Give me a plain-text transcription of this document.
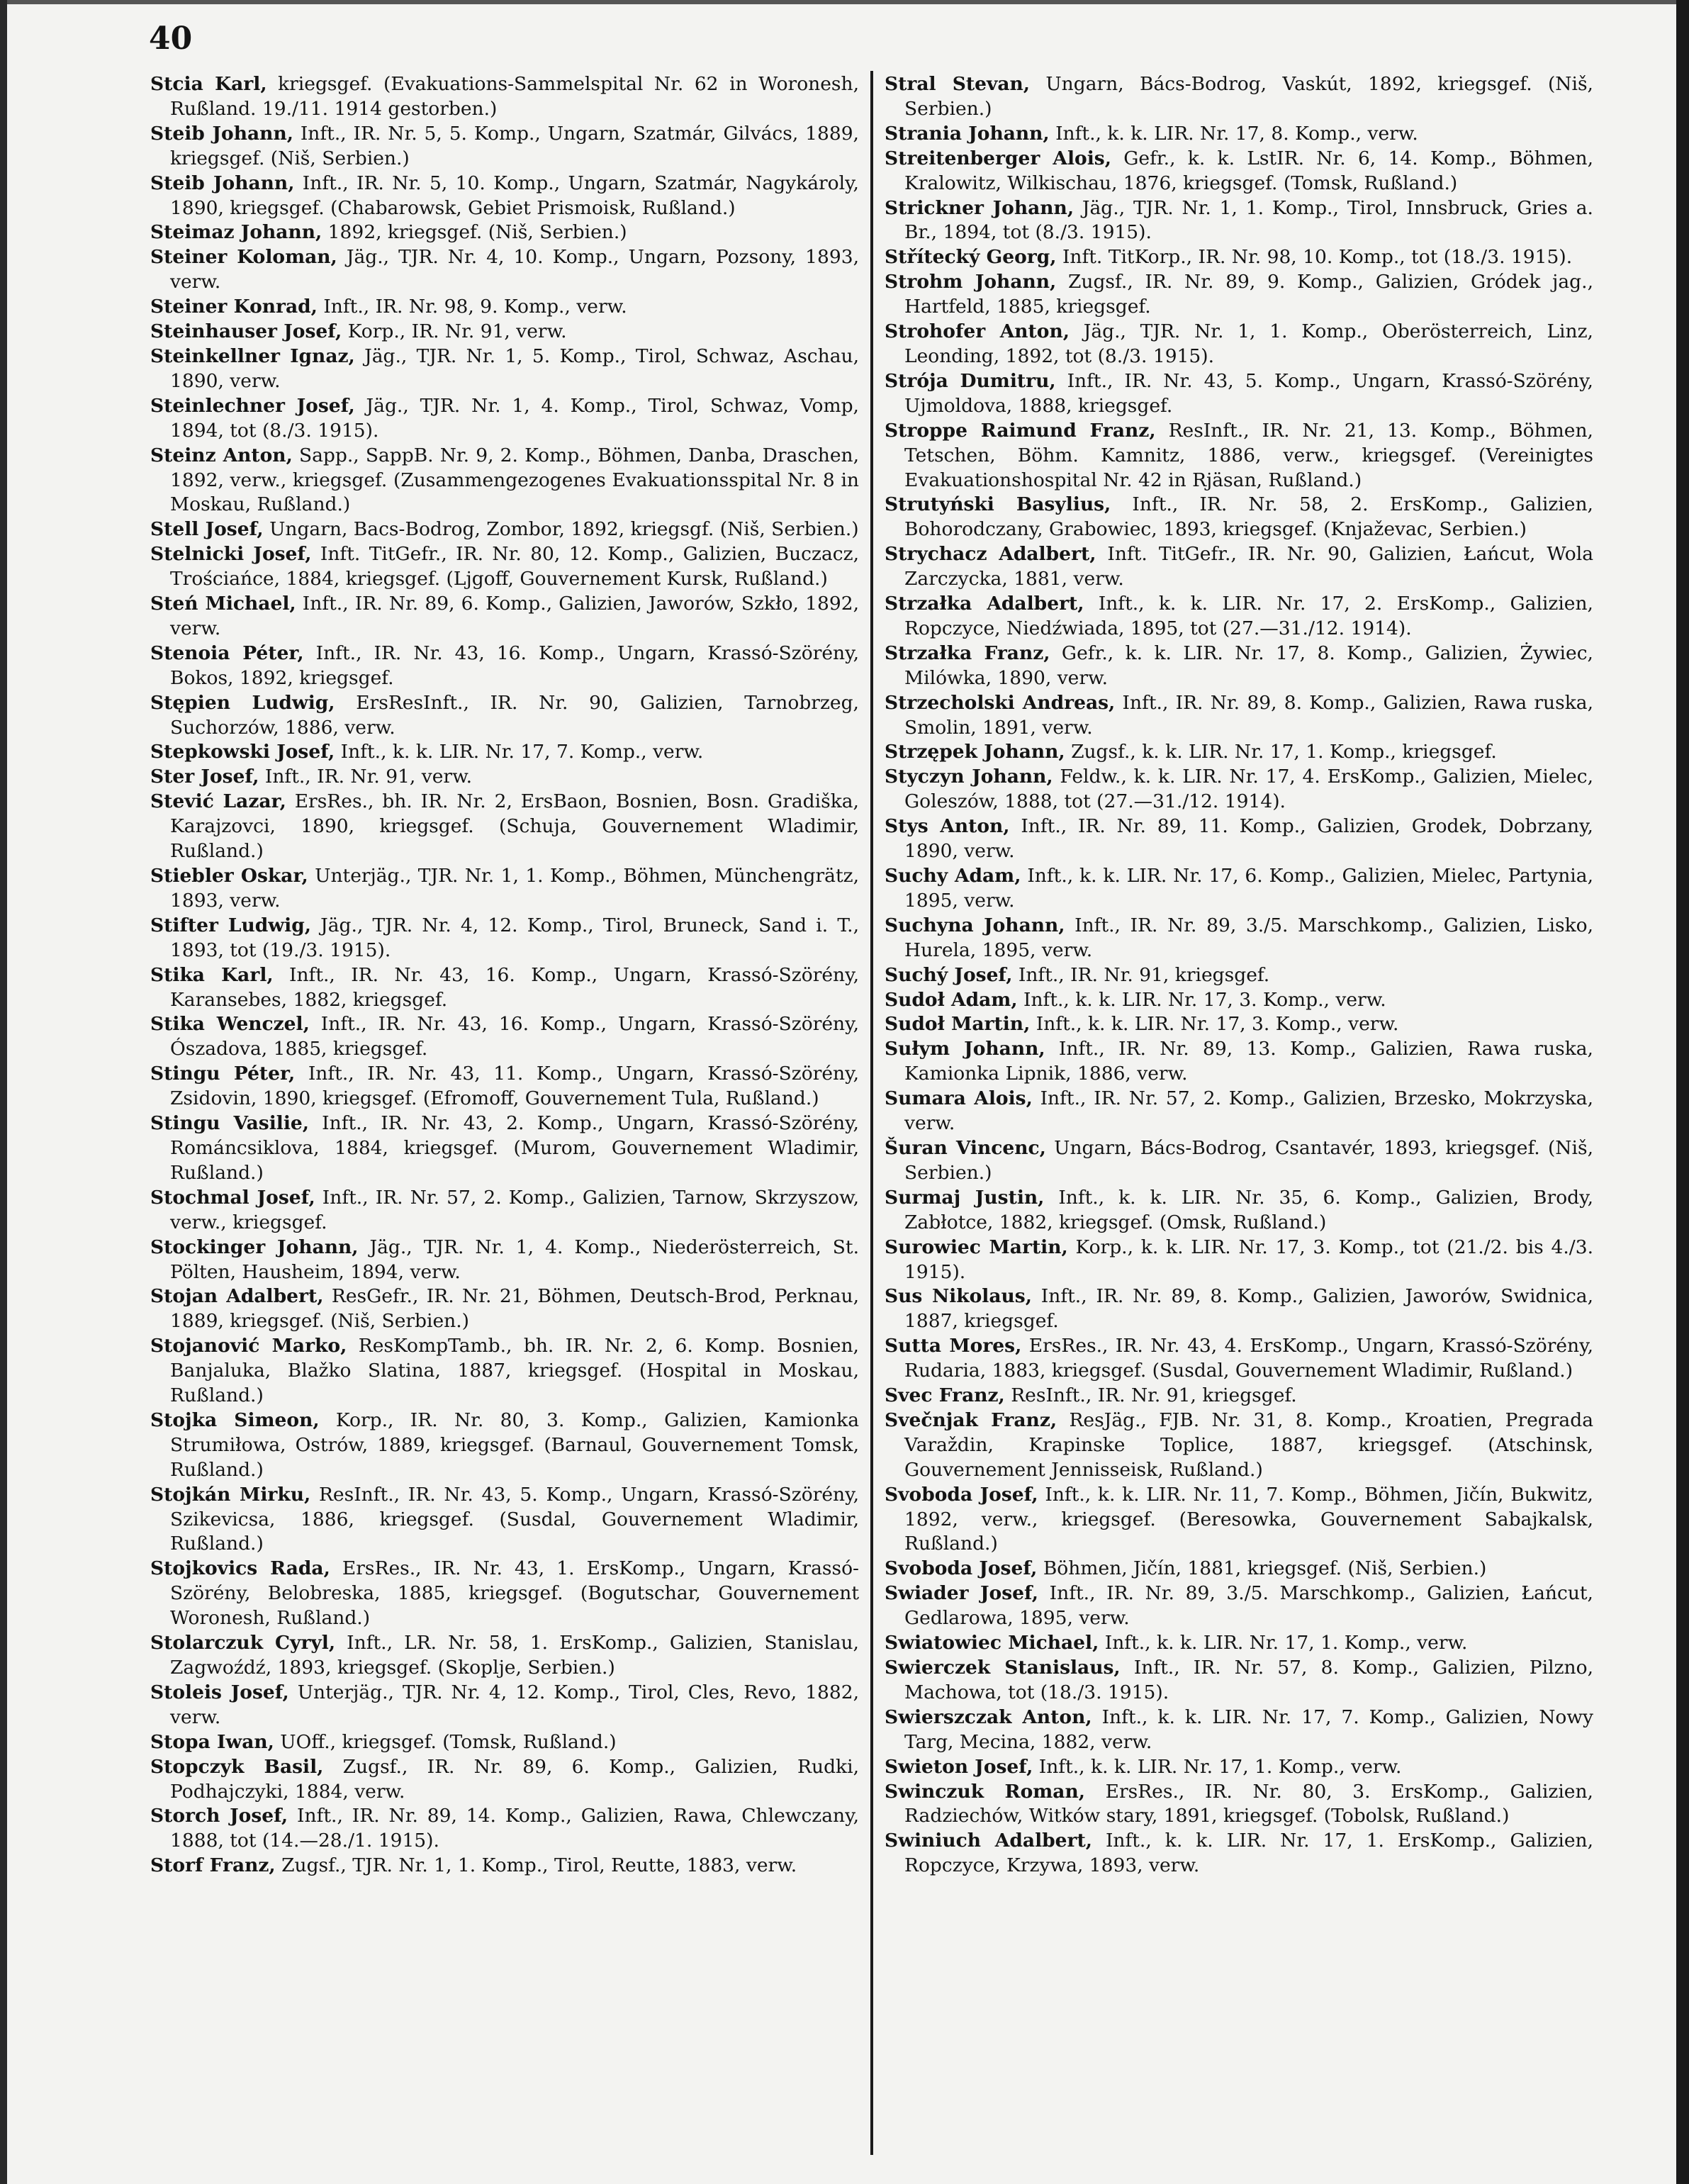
40

Stcia Karl, kriegsgef. (Evakuations-Sammelspital Nr. 62 in Woronesh, Rußland. 19./11. 1914 gestorben.)

Steib Johann, Inft., IR. Nr. 5, 5. Komp., Ungarn, Szatmár, Gilvács, 1889, kriegsgef. (Niš, Serbien.)

Steib Johann, Inft., IR. Nr. 5, 10. Komp., Ungarn, Szatmár, Nagykároly, 1890, kriegsgef. (Chabarowsk, Gebiet Prismoisk, Rußland.)

Steimaz Johann, 1892, kriegsgef. (Niš, Serbien.)

Steiner Koloman, Jäg., TJR. Nr. 4, 10. Komp., Ungarn, Pozsony, 1893, verw.

Steiner Konrad, Inft., IR. Nr. 98, 9. Komp., verw.

Steinhauser Josef, Korp., IR. Nr. 91, verw.

Steinkellner Ignaz, Jäg., TJR. Nr. 1, 5. Komp., Tirol, Schwaz, Aschau, 1890, verw.

Steinlechner Josef, Jäg., TJR. Nr. 1, 4. Komp., Tirol, Schwaz, Vomp, 1894, tot (8./3. 1915).

Steinz Anton, Sapp., SappB. Nr. 9, 2. Komp., Böhmen, Danba, Draschen, 1892, verw., kriegsgef. (Zusammengezogenes Evakuationsspital Nr. 8 in Moskau, Rußland.)

Stell Josef, Ungarn, Bacs-Bodrog, Zombor, 1892, kriegsgf. (Niš, Serbien.)

Stelnicki Josef, Inft. TitGefr., IR. Nr. 80, 12. Komp., Galizien, Buczacz, Trościańce, 1884, kriegsgef. (Ljgoff, Gouvernement Kursk, Rußland.)

Steń Michael, Inft., IR. Nr. 89, 6. Komp., Galizien, Jaworów, Szkło, 1892, verw.

Stenoia Péter, Inft., IR. Nr. 43, 16. Komp., Ungarn, Krassó-Szörény, Bokos, 1892, kriegsgef.

Stępien Ludwig, ErsResInft., IR. Nr. 90, Galizien, Tarnobrzeg, Suchorzów, 1886, verw.

Stepkowski Josef, Inft., k. k. LIR. Nr. 17, 7. Komp., verw.

Ster Josef, Inft., IR. Nr. 91, verw.

Stević Lazar, ErsRes., bh. IR. Nr. 2, ErsBaon, Bosnien, Bosn. Gradiška, Karajzovci, 1890, kriegsgef. (Schuja, Gouvernement Wladimir, Rußland.)

Stiebler Oskar, Unterjäg., TJR. Nr. 1, 1. Komp., Böhmen, Münchengrätz, 1893, verw.

Stifter Ludwig, Jäg., TJR. Nr. 4, 12. Komp., Tirol, Bruneck, Sand i. T., 1893, tot (19./3. 1915).

Stika Karl, Inft., IR. Nr. 43, 16. Komp., Ungarn, Krassó-Szörény, Karansebes, 1882, kriegsgef.

Stika Wenczel, Inft., IR. Nr. 43, 16. Komp., Ungarn, Krassó-Szörény, Ószadova, 1885, kriegsgef.

Stingu Péter, Inft., IR. Nr. 43, 11. Komp., Ungarn, Krassó-Szörény, Zsidovin, 1890, kriegsgef. (Efromoff, Gouvernement Tula, Rußland.)

Stingu Vasilie, Inft., IR. Nr. 43, 2. Komp., Ungarn, Krassó-Szörény, Románcsiklova, 1884, kriegsgef. (Murom, Gouvernement Wladimir, Rußland.)

Stochmal Josef, Inft., IR. Nr. 57, 2. Komp., Galizien, Tarnow, Skrzyszow, verw., kriegsgef.

Stockinger Johann, Jäg., TJR. Nr. 1, 4. Komp., Niederösterreich, St. Pölten, Hausheim, 1894, verw.

Stojan Adalbert, ResGefr., IR. Nr. 21, Böhmen, Deutsch-Brod, Perknau, 1889, kriegsgef. (Niš, Serbien.)

Stojanović Marko, ResKompTamb., bh. IR. Nr. 2, 6. Komp. Bosnien, Banjaluka, Blažko Slatina, 1887, kriegsgef. (Hospital in Moskau, Rußland.)

Stojka Simeon, Korp., IR. Nr. 80, 3. Komp., Galizien, Kamionka Strumiłowa, Ostrów, 1889, kriegsgef. (Barnaul, Gouvernement Tomsk, Rußland.)

Stojkán Mirku, ResInft., IR. Nr. 43, 5. Komp., Ungarn, Krassó-Szörény, Szikevicsa, 1886, kriegsgef. (Susdal, Gouvernement Wladimir, Rußland.)

Stojkovics Rada, ErsRes., IR. Nr. 43, 1. ErsKomp., Ungarn, Krassó-Szörény, Belobreska, 1885, kriegsgef. (Bogutschar, Gouvernement Woronesh, Rußland.)

Stolarczuk Cyryl, Inft., LR. Nr. 58, 1. ErsKomp., Galizien, Stanislau, Zagwoźdź, 1893, kriegsgef. (Skoplje, Serbien.)

Stoleis Josef, Unterjäg., TJR. Nr. 4, 12. Komp., Tirol, Cles, Revo, 1882, verw.

Stopa Iwan, UOff., kriegsgef. (Tomsk, Rußland.)

Stopczyk Basil, Zugsf., IR. Nr. 89, 6. Komp., Galizien, Rudki, Podhajczyki, 1884, verw.

Storch Josef, Inft., IR. Nr. 89, 14. Komp., Galizien, Rawa, Chlewczany, 1888, tot (14.—28./1. 1915).

Storf Franz, Zugsf., TJR. Nr. 1, 1. Komp., Tirol, Reutte, 1883, verw.

Stral Stevan, Ungarn, Bács-Bodrog, Vaskút, 1892, kriegsgef. (Niš, Serbien.)

Strania Johann, Inft., k. k. LIR. Nr. 17, 8. Komp., verw.

Streitenberger Alois, Gefr., k. k. LstIR. Nr. 6, 14. Komp., Böhmen, Kralowitz, Wilkischau, 1876, kriegsgef. (Tomsk, Rußland.)

Strickner Johann, Jäg., TJR. Nr. 1, 1. Komp., Tirol, Innsbruck, Gries a. Br., 1894, tot (8./3. 1915).

Střítecký Georg, Inft. TitKorp., IR. Nr. 98, 10. Komp., tot (18./3. 1915).

Strohm Johann, Zugsf., IR. Nr. 89, 9. Komp., Galizien, Gródek jag., Hartfeld, 1885, kriegsgef.

Strohofer Anton, Jäg., TJR. Nr. 1, 1. Komp., Oberösterreich, Linz, Leonding, 1892, tot (8./3. 1915).

Strója Dumitru, Inft., IR. Nr. 43, 5. Komp., Ungarn, Krassó-Szörény, Ujmoldova, 1888, kriegsgef.

Stroppe Raimund Franz, ResInft., IR. Nr. 21, 13. Komp., Böhmen, Tetschen, Böhm. Kamnitz, 1886, verw., kriegsgef. (Vereinigtes Evakuationshospital Nr. 42 in Rjäsan, Rußland.)

Strutyński Basylius, Inft., IR. Nr. 58, 2. ErsKomp., Galizien, Bohorodczany, Grabowiec, 1893, kriegsgef. (Knjaževac, Serbien.)

Strychacz Adalbert, Inft. TitGefr., IR. Nr. 90, Galizien, Łańcut, Wola Zarczycka, 1881, verw.

Strzałka Adalbert, Inft., k. k. LIR. Nr. 17, 2. ErsKomp., Galizien, Ropczyce, Niedźwiada, 1895, tot (27.—31./12. 1914).

Strzałka Franz, Gefr., k. k. LIR. Nr. 17, 8. Komp., Galizien, Żywiec, Milówka, 1890, verw.

Strzecholski Andreas, Inft., IR. Nr. 89, 8. Komp., Galizien, Rawa ruska, Smolin, 1891, verw.

Strzępek Johann, Zugsf., k. k. LIR. Nr. 17, 1. Komp., kriegsgef.

Styczyn Johann, Feldw., k. k. LIR. Nr. 17, 4. ErsKomp., Galizien, Mielec, Goleszów, 1888, tot (27.—31./12. 1914).

Stys Anton, Inft., IR. Nr. 89, 11. Komp., Galizien, Grodek, Dobrzany, 1890, verw.

Suchy Adam, Inft., k. k. LIR. Nr. 17, 6. Komp., Galizien, Mielec, Partynia, 1895, verw.

Suchyna Johann, Inft., IR. Nr. 89, 3./5. Marschkomp., Galizien, Lisko, Hurela, 1895, verw.

Suchý Josef, Inft., IR. Nr. 91, kriegsgef.

Sudoł Adam, Inft., k. k. LIR. Nr. 17, 3. Komp., verw.

Sudoł Martin, Inft., k. k. LIR. Nr. 17, 3. Komp., verw.

Sułym Johann, Inft., IR. Nr. 89, 13. Komp., Galizien, Rawa ruska, Kamionka Lipnik, 1886, verw.

Sumara Alois, Inft., IR. Nr. 57, 2. Komp., Galizien, Brzesko, Mokrzyska, verw.

Šuran Vincenc, Ungarn, Bács-Bodrog, Csantavér, 1893, kriegsgef. (Niš, Serbien.)

Surmaj Justin, Inft., k. k. LIR. Nr. 35, 6. Komp., Galizien, Brody, Zabłotce, 1882, kriegsgef. (Omsk, Rußland.)

Surowiec Martin, Korp., k. k. LIR. Nr. 17, 3. Komp., tot (21./2. bis 4./3. 1915).

Sus Nikolaus, Inft., IR. Nr. 89, 8. Komp., Galizien, Jaworów, Swidnica, 1887, kriegsgef.

Sutta Mores, ErsRes., IR. Nr. 43, 4. ErsKomp., Ungarn, Krassó-Szörény, Rudaria, 1883, kriegsgef. (Susdal, Gouvernement Wladimir, Rußland.)

Svec Franz, ResInft., IR. Nr. 91, kriegsgef.

Svečnjak Franz, ResJäg., FJB. Nr. 31, 8. Komp., Kroatien, Pregrada Varaždin, Krapinske Toplice, 1887, kriegsgef. (Atschinsk, Gouvernement Jennisseisk, Rußland.)

Svoboda Josef, Inft., k. k. LIR. Nr. 11, 7. Komp., Böhmen, Jičín, Bukwitz, 1892, verw., kriegsgef. (Beresowka, Gouvernement Sabajkalsk, Rußland.)

Svoboda Josef, Böhmen, Jičín, 1881, kriegsgef. (Niš, Serbien.)

Swiader Josef, Inft., IR. Nr. 89, 3./5. Marschkomp., Galizien, Łańcut, Gedlarowa, 1895, verw.

Swiatowiec Michael, Inft., k. k. LIR. Nr. 17, 1. Komp., verw.

Swierczek Stanislaus, Inft., IR. Nr. 57, 8. Komp., Galizien, Pilzno, Machowa, tot (18./3. 1915).

Swierszczak Anton, Inft., k. k. LIR. Nr. 17, 7. Komp., Galizien, Nowy Targ, Mecina, 1882, verw.

Swieton Josef, Inft., k. k. LIR. Nr. 17, 1. Komp., verw.

Swinczuk Roman, ErsRes., IR. Nr. 80, 3. ErsKomp., Galizien, Radziechów, Witków stary, 1891, kriegsgef. (Tobolsk, Rußland.)

Swiniuch Adalbert, Inft., k. k. LIR. Nr. 17, 1. ErsKomp., Galizien, Ropczyce, Krzywa, 1893, verw.
